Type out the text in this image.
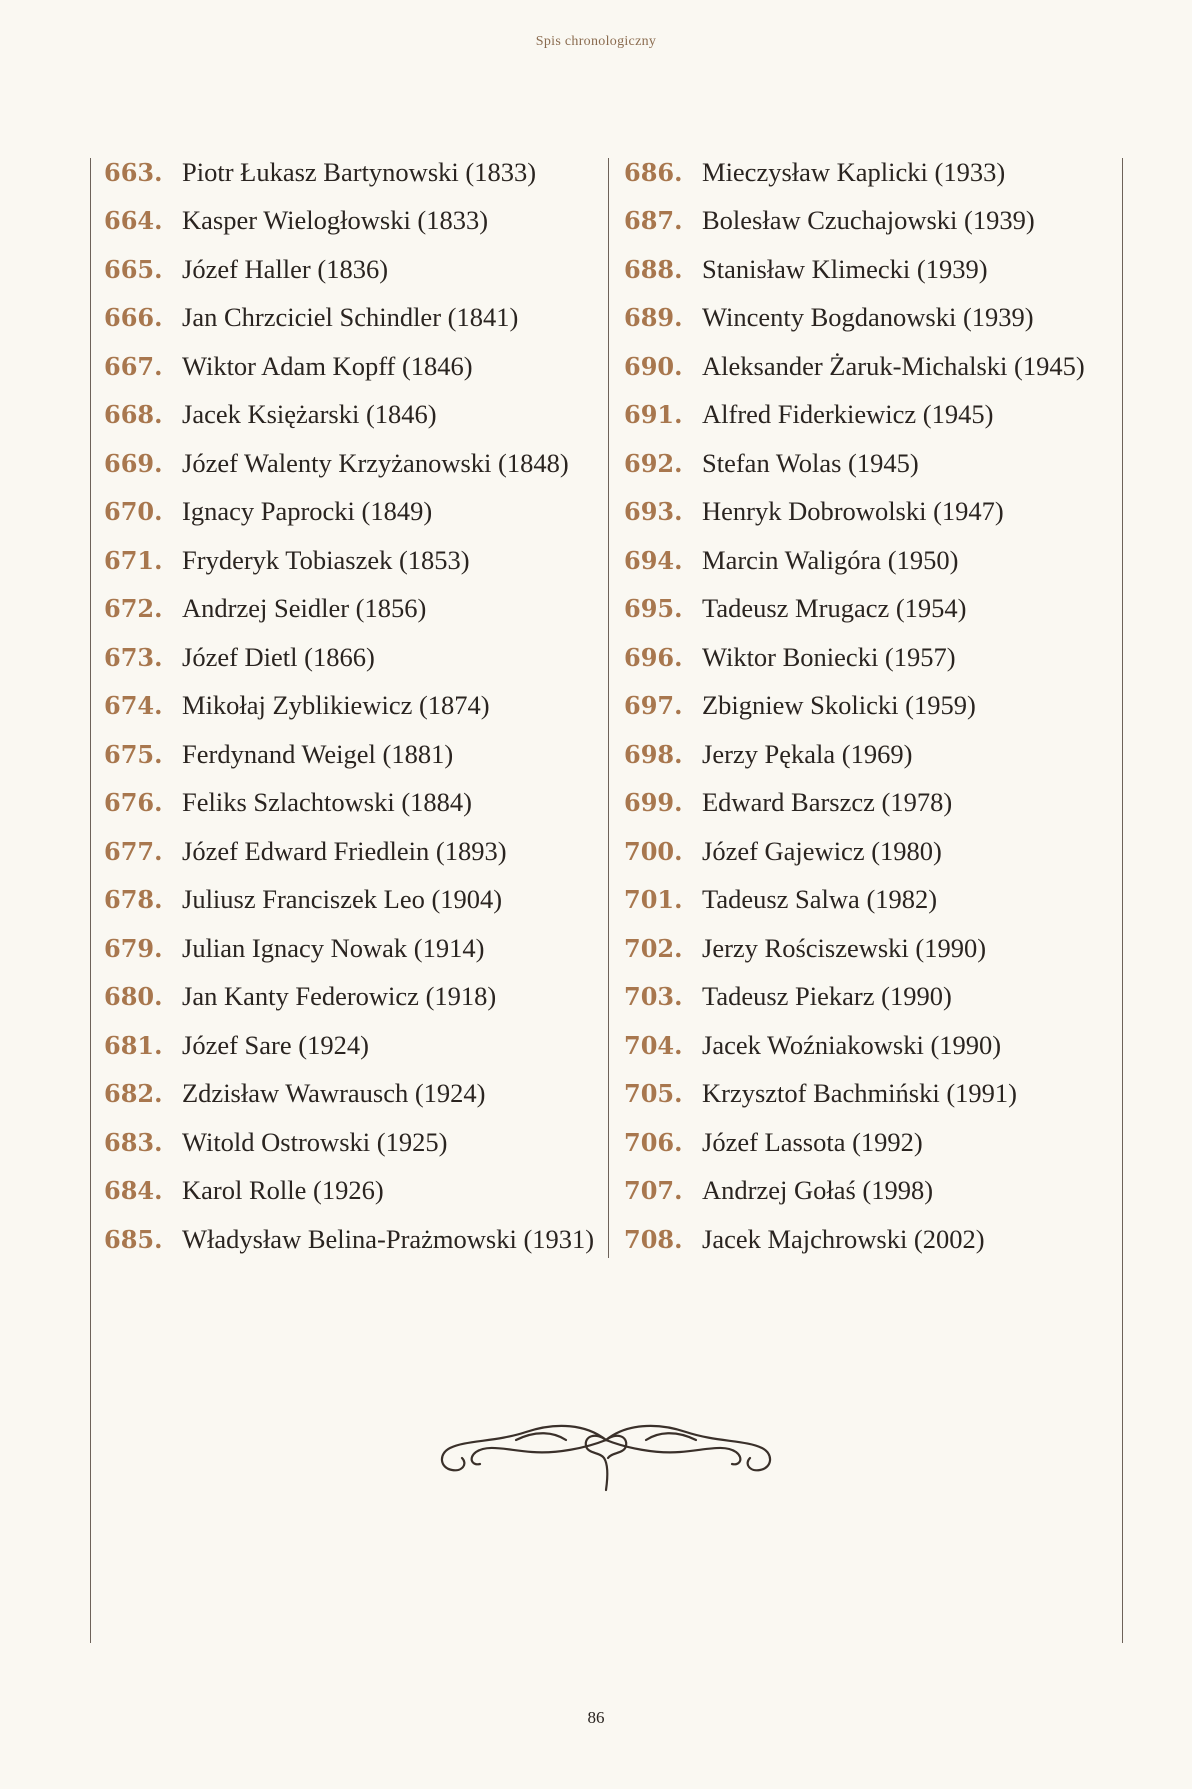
Spis chronologiczny
663. Piotr Łukasz Bartynowski (1833)
664. Kasper Wielogłowski (1833)
665. Józef Haller (1836)
666. Jan Chrzciciel Schindler (1841)
667. Wiktor Adam Kopff (1846)
668. Jacek Księżarski (1846)
669. Józef Walenty Krzyżanowski (1848)
670. Ignacy Paprocki (1849)
671. Fryderyk Tobiaszek (1853)
672. Andrzej Seidler (1856)
673. Józef Dietl (1866)
674. Mikołaj Zyblikiewicz (1874)
675. Ferdynand Weigel (1881)
676. Feliks Szlachtowski (1884)
677. Józef Edward Friedlein (1893)
678. Juliusz Franciszek Leo (1904)
679. Julian Ignacy Nowak (1914)
680. Jan Kanty Federowicz (1918)
681. Józef Sare (1924)
682. Zdzisław Wawrausch (1924)
683. Witold Ostrowski (1925)
684. Karol Rolle (1926)
685. Władysław Belina-Prażmowski (1931)
686. Mieczysław Kaplicki (1933)
687. Bolesław Czuchajowski (1939)
688. Stanisław Klimecki (1939)
689. Wincenty Bogdanowski (1939)
690. Aleksander Żaruk-Michalski (1945)
691. Alfred Fiderkiewicz (1945)
692. Stefan Wolas (1945)
693. Henryk Dobrowolski (1947)
694. Marcin Waligóra (1950)
695. Tadeusz Mrugacz (1954)
696. Wiktor Boniecki (1957)
697. Zbigniew Skolicki (1959)
698. Jerzy Pękala (1969)
699. Edward Barszcz (1978)
700. Józef Gajewicz (1980)
701. Tadeusz Salwa (1982)
702. Jerzy Rościszewski (1990)
703. Tadeusz Piekarz (1990)
704. Jacek Woźniakowski (1990)
705. Krzysztof Bachmiński (1991)
706. Józef Lassota (1992)
707. Andrzej Gołaś (1998)
708. Jacek Majchrowski (2002)
86
